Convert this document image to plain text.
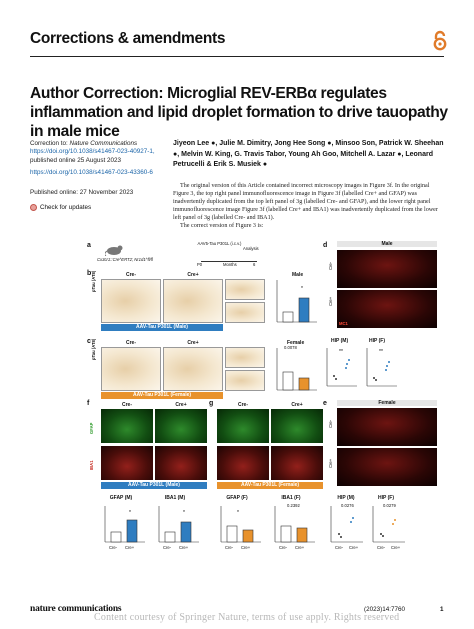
Corrections & amendments
Author Correction: Microglial REV-ERBα regulates inflammation and lipid droplet formation to drive tauopathy in male mice
Correction to: Nature Communications
https://doi.org/10.1038/s41467-023-40927-1,
published online 25 August 2023
https://doi.org/10.1038/s41467-023-43360-6
Published online: 27 November 2023
Check for updates
Jiyeon Lee ●, Julie M. Dimitry, Jong Hee Song ●, Minsoo Son, Patrick W. Sheehan ●, Melvin W. King, G. Travis Tabor, Young Ah Goo, Mitchell A. Lazar ●, Leonard Petrucelli & Erik S. Musiek ●

The original version of this Article contained incorrect microscopy images in Figure 3f. In the original Figure 3, the top right panel immunofluorescence image in Figure 3f (labelled Cre+ and GFAP) was inadvertently duplicated from the top left panel of 3g (labelled Cre- and GFAP), and the lower right panel immunofluorescence image Figure 3f (labelled Cre+ and IBA1) was inadvertently duplicated from the lower left panel of 3g (labelled Cre- and IBA1).

The correct version of Figure 3 is:

a
Cx3cr1::Cre^ERT2; Nr1d1^fl/fl
AAV5-Tau P301L (i.c.v.)
Analysis
P0	Months	6
b	Cre-	Cre+
pTau (AT8)
AAV-Tau P301L (Male)
Male
*
c	Cre-	Cre+
pTau (AT8)
AAV-Tau P301L (Female)
Female
0.0078
HIP (M)	HIP (F)
**	**
d	Male
Cre-
Cre+
MC1
e	Female
Cre-
Cre+
f	Cre-	Cre+
GFAP
IBA1
AAV-Tau P301L (Male)
g	Cre-	Cre+
AAV-Tau P301L (Female)
GFAP (M)	IBA1 (M)	GFAP (F)	IBA1 (F)	HIP (M)	HIP (F)
*	*	*
0.2392	0.0276	0.0279
Cre- Cre+	Cre- Cre+	Cre- Cre+	Cre- Cre+	Cre- Cre+	Cre- Cre+
nature communications	(2023)14:7760	1
Content courtesy of Springer Nature, terms of use apply. Rights reserved
